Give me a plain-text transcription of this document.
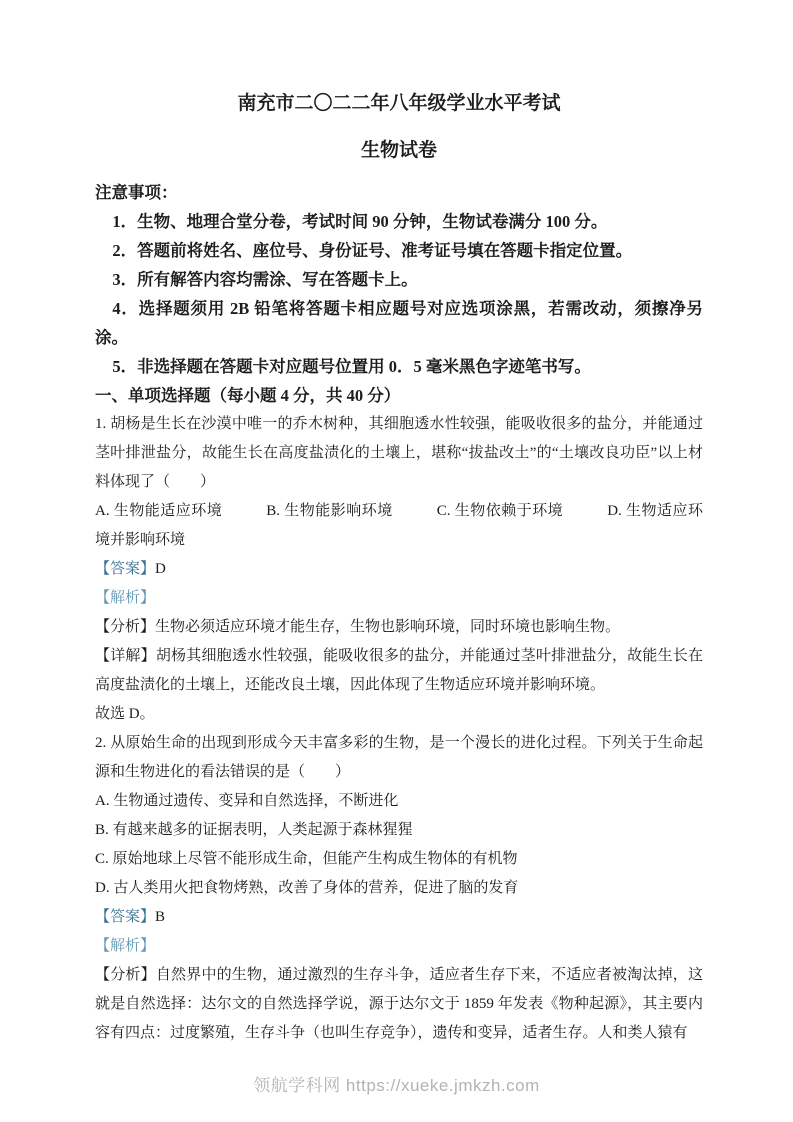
南充市二〇二二年八年级学业水平考试
生物试卷

注意事项：

1．生物、地理合堂分卷，考试时间 90 分钟，生物试卷满分 100 分。

2．答题前将姓名、座位号、身份证号、准考证号填在答题卡指定位置。

3．所有解答内容均需涂、写在答题卡上。

4．选择题须用 2B 铅笔将答题卡相应题号对应选项涂黑，若需改动，须擦净另涂。

5．非选择题在答题卡对应题号位置用 0．5 毫米黑色字迹笔书写。

一、单项选择题（每小题 4 分，共 40 分）

1. 胡杨是生长在沙漠中唯一的乔木树种，其细胞透水性较强，能吸收很多的盐分，并能通过茎叶排泄盐分，故能生长在高度盐渍化的土壤上，堪称“拔盐改土”的“土壤改良功臣”以上材料体现了（　　）

A. 生物能适应环境	B. 生物能影响环境	C. 生物依赖于环境	D. 生物适应环境并影响环境

【答案】D

【解析】

【分析】生物必须适应环境才能生存，生物也影响环境，同时环境也影响生物。

【详解】胡杨其细胞透水性较强，能吸收很多的盐分，并能通过茎叶排泄盐分，故能生长在高度盐渍化的土壤上，还能改良土壤，因此体现了生物适应环境并影响环境。

故选 D。

2. 从原始生命的出现到形成今天丰富多彩的生物，是一个漫长的进化过程。下列关于生命起源和生物进化的看法错误的是（　　）

A. 生物通过遗传、变异和自然选择，不断进化

B. 有越来越多的证据表明，人类起源于森林猩猩

C. 原始地球上尽管不能形成生命，但能产生构成生物体的有机物

D. 古人类用火把食物烤熟，改善了身体的营养，促进了脑的发育

【答案】B

【解析】

【分析】自然界中的生物，通过激烈的生存斗争，适应者生存下来，不适应者被淘汰掉，这就是自然选择：达尔文的自然选择学说，源于达尔文于 1859 年发表《物种起源》，其主要内容有四点：过度繁殖，生存斗争（也叫生存竞争），遗传和变异，适者生存。人和类人猿有

领航学科网 https://xueke.jmkzh.com
